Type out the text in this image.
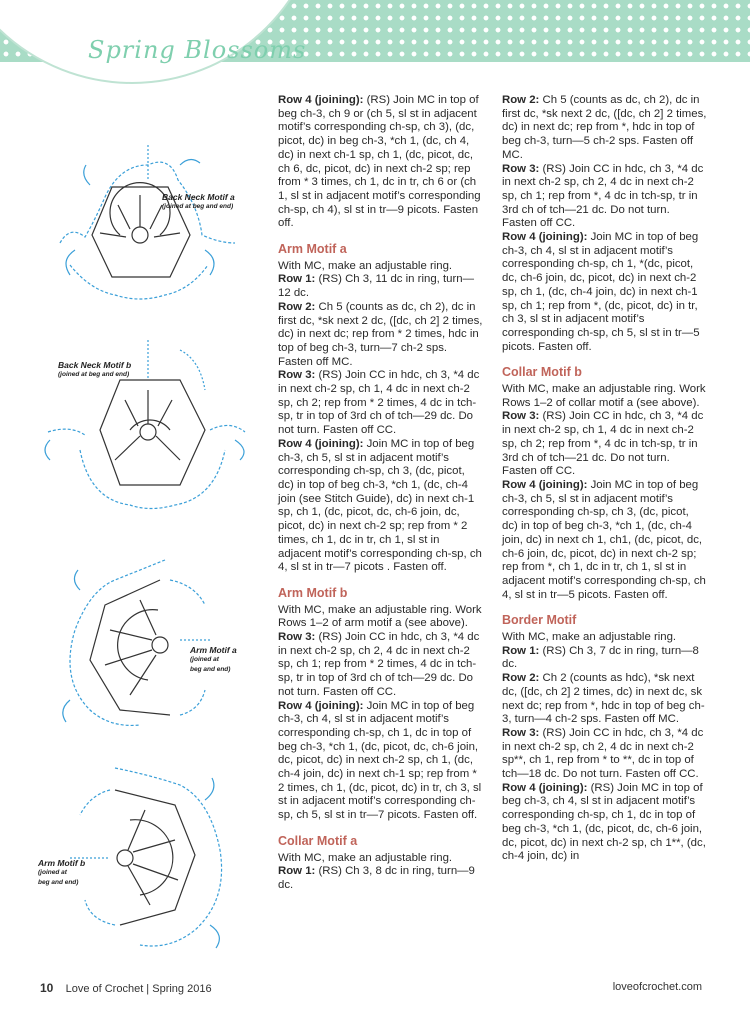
Spring Blossoms
Back Neck Motif a
(joined at beg and end)
Back Neck Motif b
(joined at beg and end)
Arm Motif a
(joined at
beg and end)
Arm Motif b
(joined at
beg and end)

Row 4 (joining): (RS) Join MC in top of beg ch-3, ch 9 or (ch 5, sl st in adjacent motif’s corresponding ch-sp, ch 3), (dc, picot, dc) in beg ch-3, *ch 1, (dc, ch 4, dc) in next ch-1 sp, ch 1, (dc, picot, dc, ch 6, dc, picot, dc) in next ch-2 sp; rep from * 3 times, ch 1, dc in tr, ch 6 or (ch 1, sl st in adjacent motif’s corresponding ch-sp, ch 4), sl st in tr—9 picots. Fasten off.

Arm Motif a

With MC, make an adjustable ring.

Row 1: (RS) Ch 3, 11 dc in ring, turn—12 dc.

Row 2: Ch 5 (counts as dc, ch 2), dc in first dc, *sk next 2 dc, ([dc, ch 2] 2 times, dc) in next dc; rep from * 2 times, hdc in top of beg ch-3, turn—7 ch-2 sps. Fasten off MC.

Row 3: (RS) Join CC in hdc, ch 3, *4 dc in next ch-2 sp, ch 1, 4 dc in next ch-2 sp, ch 2; rep from * 2 times, 4 dc in tch-sp, tr in top of 3rd ch of tch—29 dc. Do not turn. Fasten off CC.

Row 4 (joining): Join MC in top of beg ch-3, ch 5, sl st in adjacent motif’s corresponding ch-sp, ch 3, (dc, picot, dc) in top of beg ch-3, *ch 1, (dc, ch-4 join (see Stitch Guide), dc) in next ch-1 sp, ch 1, (dc, picot, dc, ch-6 join, dc, picot, dc) in next ch-2 sp; rep from * 2 times, ch 1, dc in tr, ch 1, sl st in adjacent motif’s corresponding ch-sp, ch 4, sl st in tr—7 picots . Fasten off.

Arm Motif b

With MC, make an adjustable ring. Work Rows 1–2 of arm motif a (see above).

Row 3: (RS) Join CC in hdc, ch 3, *4 dc in next ch-2 sp, ch 2, 4 dc in next ch-2 sp, ch 1; rep from * 2 times, 4 dc in tch-sp, tr in top of 3rd ch of tch—29 dc. Do not turn. Fasten off CC.

Row 4 (joining): Join MC in top of beg ch-3, ch 4, sl st in adjacent motif’s corresponding ch-sp, ch 1, dc in top of beg ch-3, *ch 1, (dc, picot, dc, ch-6 join, dc, picot, dc) in next ch-2 sp, ch 1, (dc, ch-4 join, dc) in next ch-1 sp; rep from * 2 times, ch 1, (dc, picot, dc) in tr, ch 3, sl st in adjacent motif’s corresponding ch-sp, ch 5, sl st in tr—7 picots. Fasten off.

Collar Motif a

With MC, make an adjustable ring.

Row 1: (RS) Ch 3, 8 dc in ring, turn—9 dc.

Row 2: Ch 5 (counts as dc, ch 2), dc in first dc, *sk next 2 dc, ([dc, ch 2] 2 times, dc) in next dc; rep from *, hdc in top of beg ch-3, turn—5 ch-2 sps. Fasten off MC.

Row 3: (RS) Join CC in hdc, ch 3, *4 dc in next ch-2 sp, ch 2, 4 dc in next ch-2 sp, ch 1; rep from *, 4 dc in tch-sp, tr in 3rd ch of tch—21 dc. Do not turn. Fasten off CC.

Row 4 (joining): Join MC in top of beg ch-3, ch 4, sl st in adjacent motif’s corresponding ch-sp, ch 1, *(dc, picot, dc, ch-6 join, dc, picot, dc) in next ch-2 sp, ch 1, (dc, ch-4 join, dc) in next ch-1 sp, ch 1; rep from *, (dc, picot, dc) in tr, ch 3, sl st in adjacent motif’s corresponding ch-sp, ch 5, sl st in tr—5 picots. Fasten off.

Collar Motif b

With MC, make an adjustable ring. Work Rows 1–2 of collar motif a (see above).

Row 3: (RS) Join CC in hdc, ch 3, *4 dc in next ch-2 sp, ch 1, 4 dc in next ch-2 sp, ch 2; rep from *, 4 dc in tch-sp, tr in 3rd ch of tch—21 dc. Do not turn. Fasten off CC.

Row 4 (joining): Join MC in top of beg ch-3, ch 5, sl st in adjacent motif’s corresponding ch-sp, ch 3, (dc, picot, dc) in top of beg ch-3, *ch 1, (dc, ch-4 join, dc) in next ch 1, ch1, (dc, picot, dc, ch-6 join, dc, picot, dc) in next ch-2 sp; rep from *, ch 1, dc in tr, ch 1, sl st in adjacent motif’s corresponding ch-sp, ch 4, sl st in tr—5 picots. Fasten off.

Border Motif

With MC, make an adjustable ring.

Row 1: (RS) Ch 3, 7 dc in ring, turn—8 dc.

Row 2: Ch 2 (counts as hdc), *sk next dc, ([dc, ch 2] 2 times, dc) in next dc, sk next dc; rep from *, hdc in top of beg ch-3, turn—4 ch-2 sps. Fasten off MC.

Row 3: (RS) Join CC in hdc, ch 3, *4 dc in next ch-2 sp, ch 2, 4 dc in next ch-2 sp**, ch 1, rep from * to **, dc in top of tch—18 dc. Do not turn. Fasten off CC.

Row 4 (joining): (RS) Join MC in top of beg ch-3, ch 4, sl st in adjacent motif’s corresponding ch-sp, ch 1, dc in top of beg ch-3, *ch 1, (dc, picot, dc, ch-6 join, dc, picot, dc) in next ch-2 sp, ch 1**, (dc, ch-4 join, dc) in

10 Love of Crochet | Spring 2016	loveofcrochet.com
